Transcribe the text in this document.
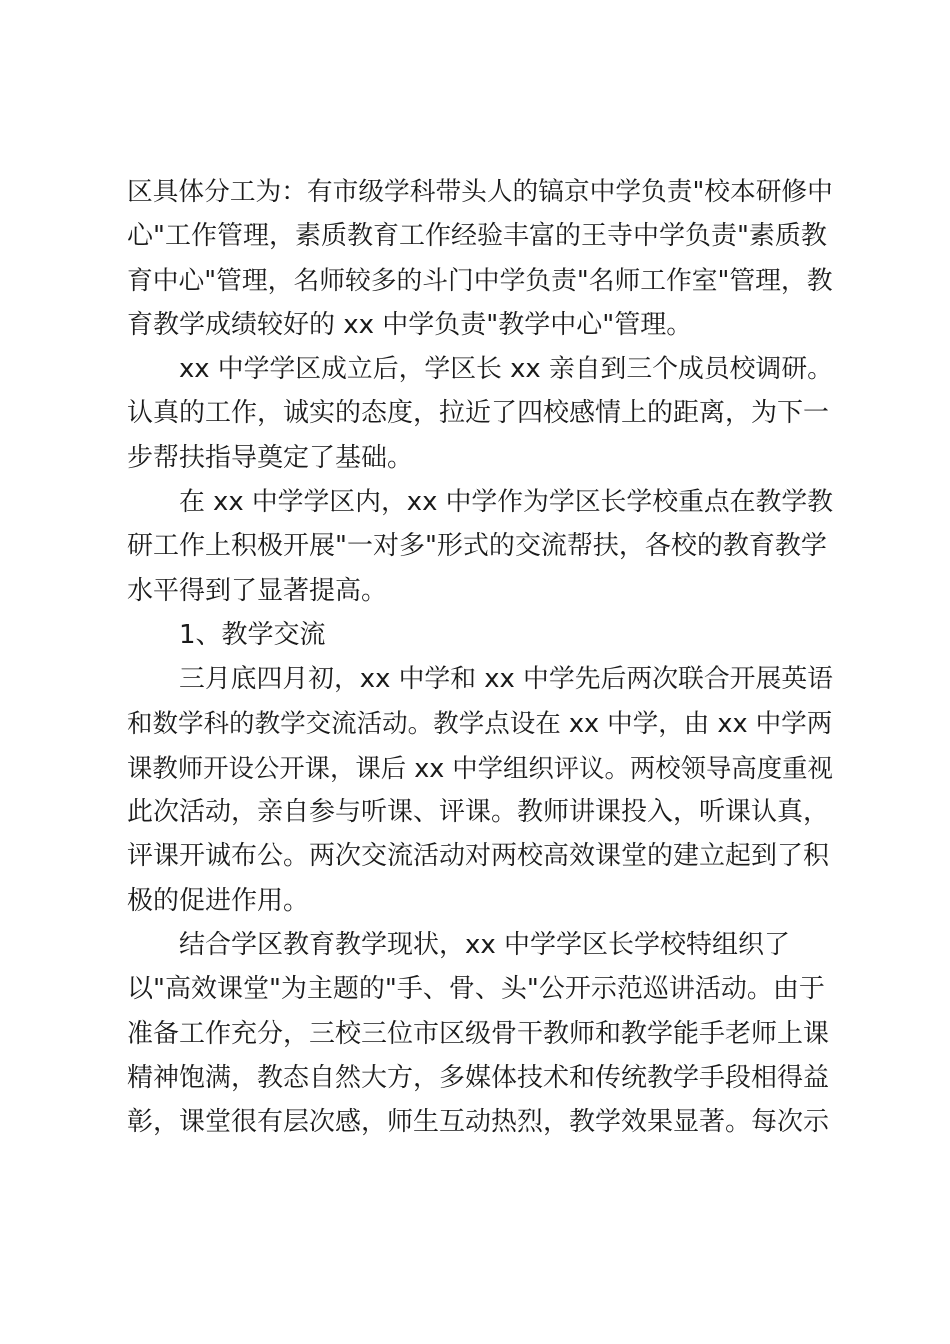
区具体分工为：有市级学科带头人的镐京中学负责"校本研修中
心"工作管理，素质教育工作经验丰富的王寺中学负责"素质教
育中心"管理，名师较多的斗门中学负责"名师工作室"管理，教
育教学成绩较好的 xx 中学负责"教学中心"管理。
xx 中学学区成立后，学区长 xx 亲自到三个成员校调研。
认真的工作，诚实的态度，拉近了四校感情上的距离，为下一
步帮扶指导奠定了基础。
在 xx 中学学区内，xx 中学作为学区长学校重点在教学教
研工作上积极开展"一对多"形式的交流帮扶，各校的教育教学
水平得到了显著提高。
1、教学交流
三月底四月初，xx 中学和 xx 中学先后两次联合开展英语
和数学科的教学交流活动。教学点设在 xx 中学，由 xx 中学两
课教师开设公开课，课后 xx 中学组织评议。两校领导高度重视
此次活动，亲自参与听课、评课。教师讲课投入，听课认真，
评课开诚布公。两次交流活动对两校高效课堂的建立起到了积
极的促进作用。
结合学区教育教学现状，xx 中学学区长学校特组织了
以"高效课堂"为主题的"手、骨、头"公开示范巡讲活动。由于
准备工作充分，三校三位市区级骨干教师和教学能手老师上课
精神饱满，教态自然大方，多媒体技术和传统教学手段相得益
彰，课堂很有层次感，师生互动热烈，教学效果显著。每次示
